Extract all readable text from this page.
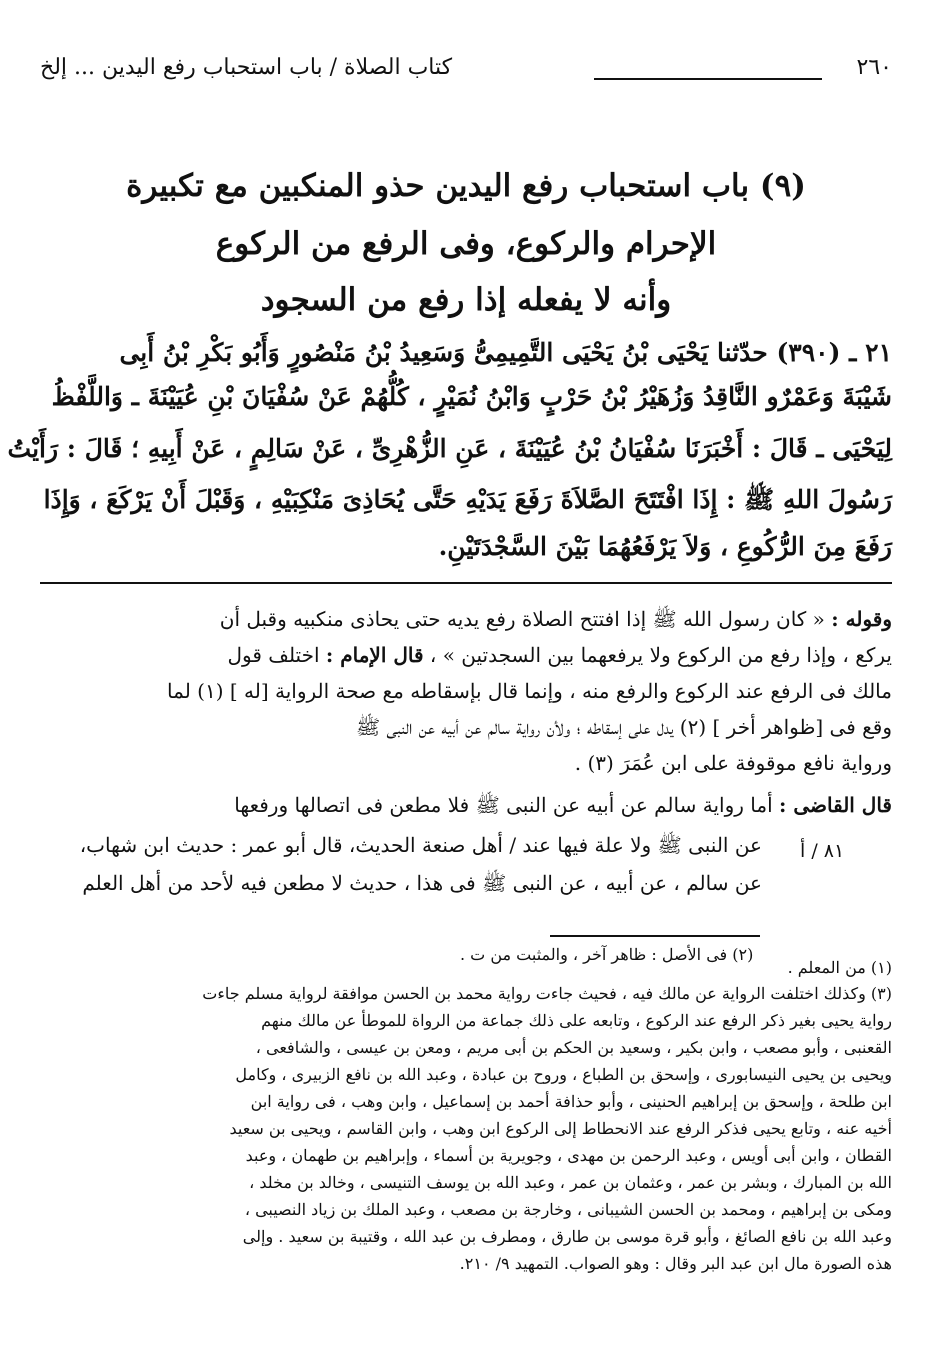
٢٦٠
كتاب الصلاة / باب استحباب رفع اليدين ... إلخ
(٩) باب استحباب رفع اليدين حذو المنكبين مع تكبيرة
الإحرام والركوع، وفى الرفع من الركوع
وأنه لا يفعله إذا رفع من السجود
٢١ ـ (٣٩٠) حدّثنا يَحْيَى بْنُ يَحْيَى التَّمِيمِىُّ وَسَعِيدُ بْنُ مَنْصُورٍ وَأَبُو بَكْرِ بْنُ أَبِى
شَيْبَةَ وَعَمْرٌو النَّاقِدُ وَزُهَيْرُ بْنُ حَرْبٍ وَابْنُ نُمَيْرٍ ، كُلُّهُمْ عَنْ سُفْيَانَ بْنِ عُيَيْنَةَ ـ وَاللَّفْظُ
لِيَحْيَى ـ قَالَ : أَخْبَرَنَا سُفْيَانُ بْنُ عُيَيْنَةَ ، عَنِ الزُّهْرِىِّ ، عَنْ سَالِمٍ ، عَنْ أَبِيهِ ؛ قَالَ : رَأَيْتُ
رَسُولَ اللهِ ﷺ : إِذَا افْتَتَحَ الصَّلاَةَ رَفَعَ يَدَيْهِ حَتَّى يُحَاذِىَ مَنْكِبَيْهِ ، وَقَبْلَ أَنْ يَرْكَعَ ، وَإِذَا
رَفَعَ مِنَ الرُّكُوعِ ، وَلاَ يَرْفَعُهُمَا بَيْنَ السَّجْدَتَيْنِ.
وقوله : « كان رسول الله ﷺ إذا افتتح الصلاة رفع يديه حتى يحاذى منكبيه وقبل أن
يركع ، وإذا رفع من الركوع ولا يرفعهما بين السجدتين » ، قال الإمام : اختلف قول
مالك فى الرفع عند الركوع والرفع منه ، وإنما قال بإسقاطه مع صحة الرواية [له ] (١) لما
وقع فى [ظواهر أخر ] (٢) يدل على إسقاطه ؛ ولأن رواية سالم عن أبيه عن النبى ﷺ
ورواية نافع موقوفة على ابن عُمَرَ (٣) .
قال القاضى : أما رواية سالم عن أبيه عن النبى ﷺ فلا مطعن فى اتصالها ورفعها
عن النبى ﷺ ولا علة فيها عند / أهل صنعة الحديث، قال أبو عمر : حديث ابن شهاب،
عن سالم ، عن أبيه ، عن النبى ﷺ فى هذا ، حديث لا مطعن فيه لأحد من أهل العلم
٨١ / أ
(١) من المعلم .
(٢) فى الأصل : ظاهر آخر ، والمثبت من ت .
(٣) وكذلك اختلفت الرواية عن مالك فيه ، فحيث جاءت رواية محمد بن الحسن موافقة لرواية مسلم جاءت
رواية يحيى بغير ذكر الرفع عند الركوع ، وتابعه على ذلك جماعة من الرواة للموطأ عن مالك منهم
القعنبى ، وأبو مصعب ، وابن بكير ، وسعيد بن الحكم بن أبى مريم ، ومعن بن عيسى ، والشافعى ،
ويحيى بن يحيى النيسابورى ، وإسحق بن الطباع ، وروح بن عبادة ، وعبد الله بن نافع الزبيرى ، وكامل
ابن طلحة ، وإسحق بن إبراهيم الحنينى ، وأبو حذافة أحمد بن إسماعيل ، وابن وهب ، فى رواية ابن
أخيه عنه ، وتابع يحيى فذكر الرفع عند الانحطاط إلى الركوع ابن وهب ، وابن القاسم ، ويحيى بن سعيد
القطان ، وابن أبى أويس ، وعبد الرحمن بن مهدى ، وجويرية بن أسماء ، وإبراهيم بن طهمان ، وعبد
الله بن المبارك ، وبشر بن عمر ، وعثمان بن عمر ، وعبد الله بن يوسف التنيسى ، وخالد بن مخلد ،
ومكى بن إبراهيم ، ومحمد بن الحسن الشيبانى ، وخارجة بن مصعب ، وعبد الملك بن زياد النصيبى ،
وعبد الله بن نافع الصائغ ، وأبو قرة موسى بن طارق ، ومطرف بن عبد الله ، وقتيبة بن سعيد . وإلى
هذه الصورة مال ابن عبد البر وقال : وهو الصواب. التمهيد ٩/ ٢١٠.
